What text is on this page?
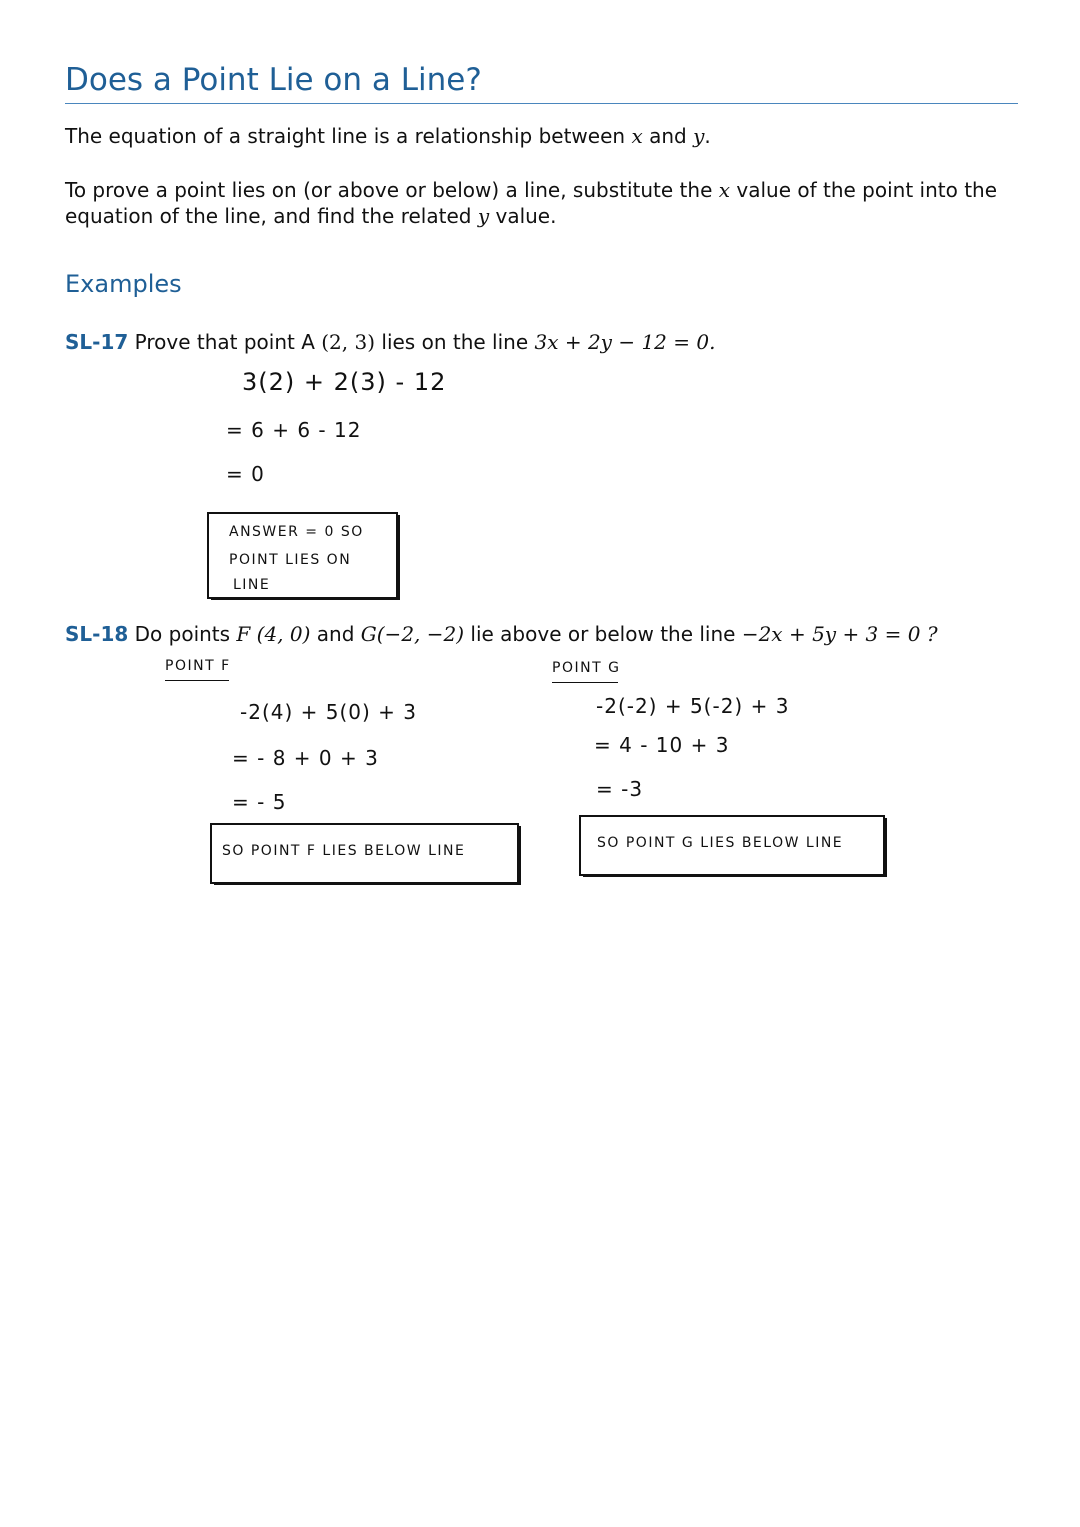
Does a Point Lie on a Line?

The equation of a straight line is a relationship between x and y.

To prove a point lies on (or above or below) a line, substitute the x value of the point into the equation of the line, and find the related y value.

Examples
SL-17 Prove that point A (2, 3) lies on the line 3x + 2y − 12 = 0.
3(2) + 2(3) - 12
= 6 + 6 - 12
= 0
ANSWER = 0 SO
POINT LIES ON
LINE
SL-18 Do points F (4, 0) and G(−2, −2) lie above or below the line −2x + 5y + 3 = 0 ?
POINT F
-2(4) + 5(0) + 3
= - 8 + 0 + 3
= - 5
SO POINT F LIES BELOW LINE
POINT G
-2(-2) + 5(-2) + 3
= 4 - 10 + 3
= -3
SO POINT G LIES BELOW LINE
